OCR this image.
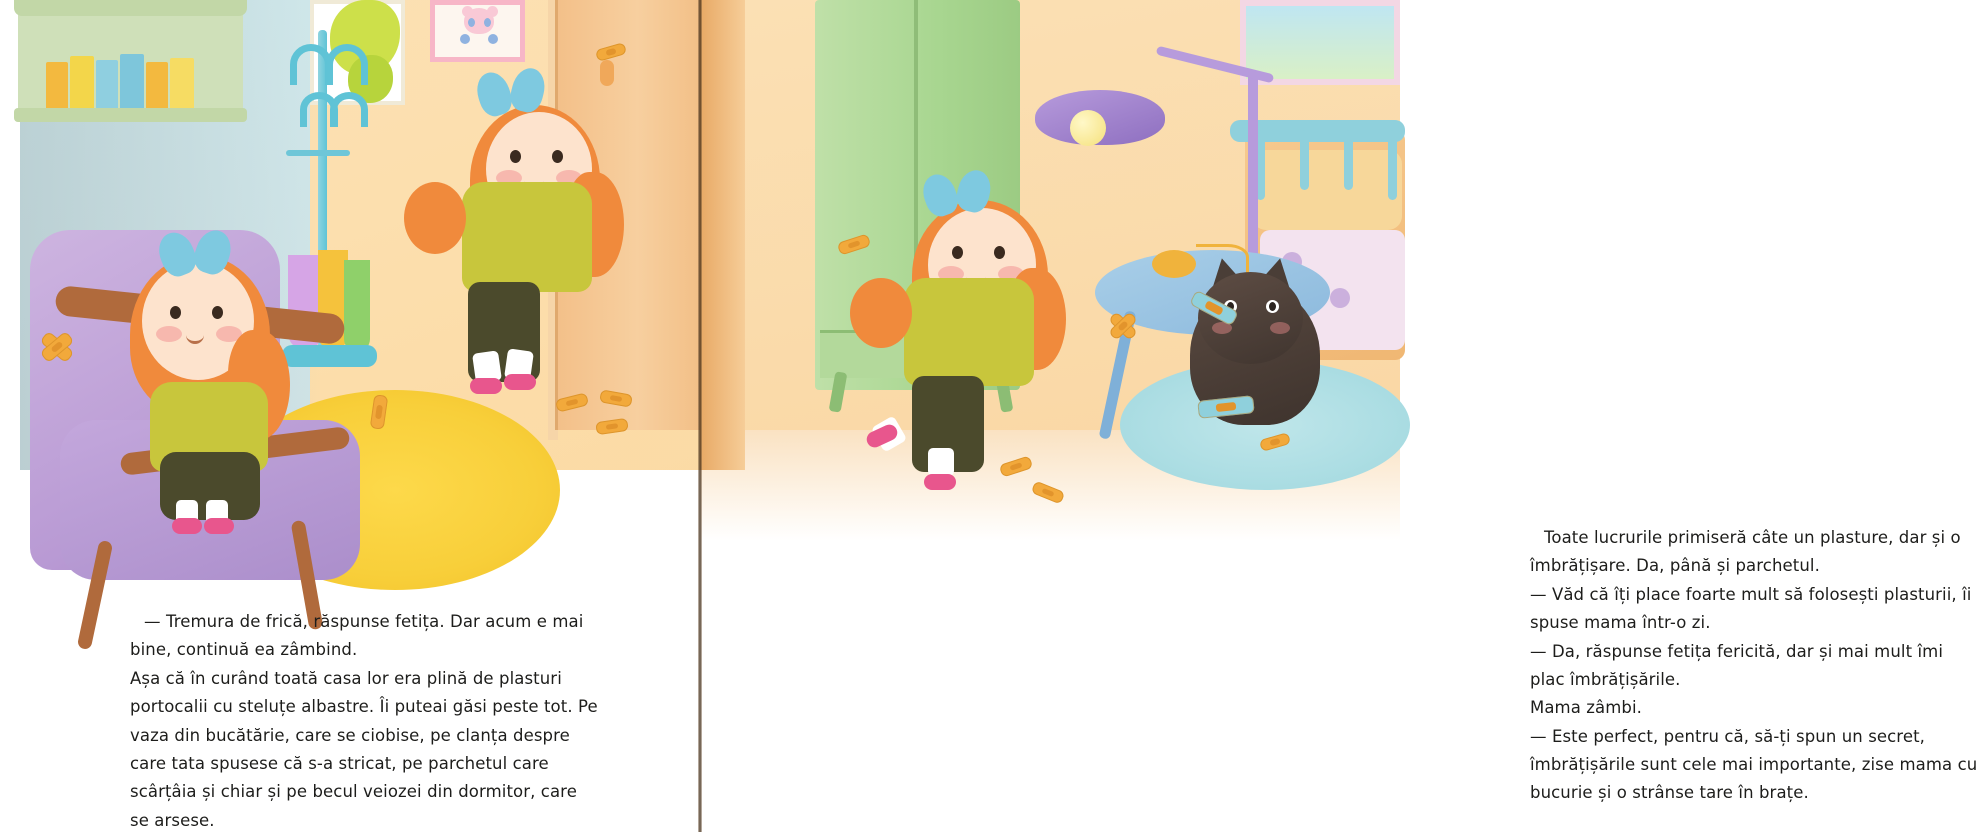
— Tremura de frică, răspunse fetița. Dar acum e mai bine, continuă ea zâmbind.

Așa că în curând toată casa lor era plină de plasturi portocalii cu steluțe albastre. Îi puteai găsi peste tot. Pe vaza din bucătărie, care se ciobise, pe clanța despre care tata spusese că s-a stricat, pe parchetul care scârțâia și chiar și pe becul veiozei din dormitor, care se arsese.

Toate lucrurile primiseră câte un plasture, dar și o îmbrățișare. Da, până și parchetul.

— Văd că îți place foarte mult să folosești plasturii, îi spuse mama într-o zi.

— Da, răspunse fetița fericită, dar și mai mult îmi plac îmbrățișările.

Mama zâmbi.

— Este perfect, pentru că, să-ți spun un secret, îmbrățișările sunt cele mai importante, zise mama cu bucurie și o strânse tare în brațe.
